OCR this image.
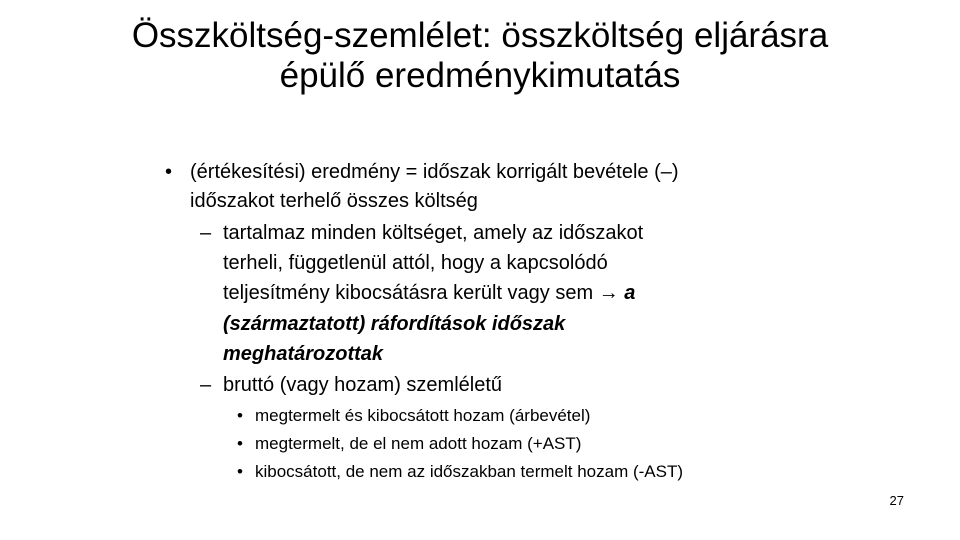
Összköltség-szemlélet: összköltség eljárásra
épülő eredménykimutatás
• (értékesítési) eredmény = időszak korrigált bevétele (–)
időszakot terhelő összes költség
– tartalmaz minden költséget, amely az időszakot
terheli, függetlenül attól, hogy a kapcsolódó
teljesítmény kibocsátásra került vagy sem → a
(származtatott) ráfordítások időszak
meghatározottak
– bruttó (vagy hozam) szemléletű
• megtermelt és kibocsátott hozam (árbevétel)
• megtermelt, de el nem adott hozam (+AST)
• kibocsátott, de nem az időszakban termelt hozam (-AST)
27
